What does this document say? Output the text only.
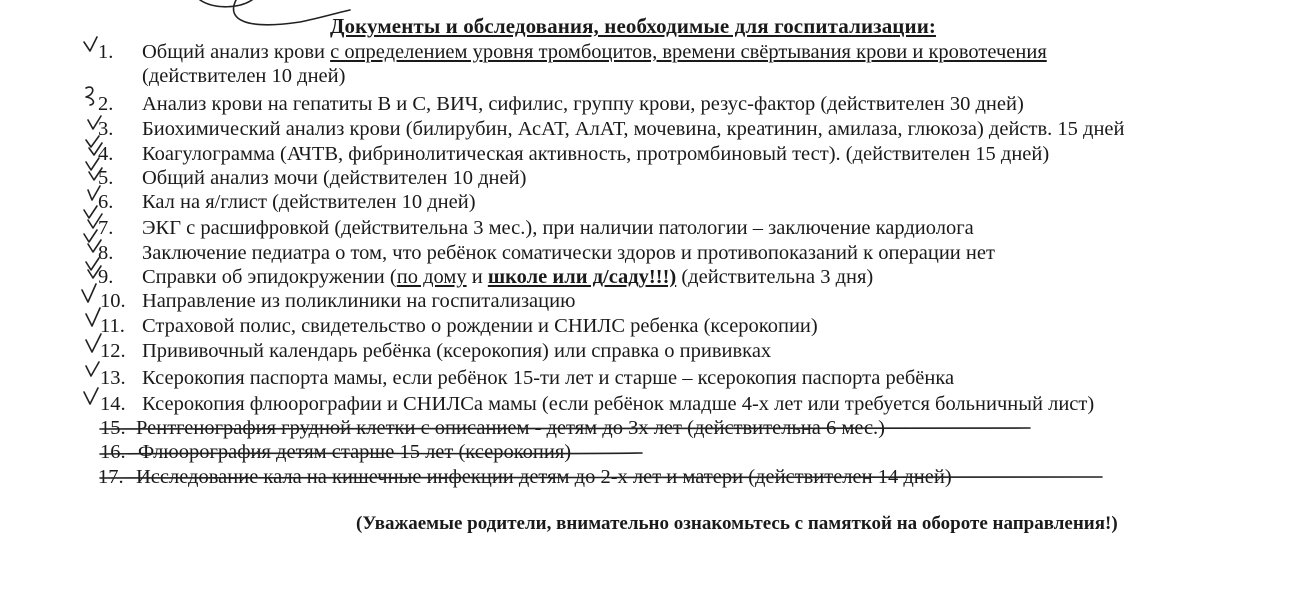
Документы и обследования, необходимые для госпитализации:
1.	Общий анализ крови с определением уровня тромбоцитов, времени свёртывания крови и кровотечения
(действителен 10 дней)
2.	Анализ крови на гепатиты В и С, ВИЧ, сифилис, группу крови, резус-фактор (действителен 30 дней)
3.	Биохимический анализ крови (билирубин, АсАТ, АлАТ, мочевина, креатинин, амилаза, глюкоза) действ. 15 дней
4.	Коагулограмма (АЧТВ, фибринолитическая активность, протромбиновый тест). (действителен 15 дней)
5.	Общий анализ мочи (действителен 10 дней)
6.	Кал на я/глист (действителен 10 дней)
7.	ЭКГ с расшифровкой (действительна 3 мес.), при наличии патологии – заключение кардиолога
8.	Заключение педиатра о том, что ребёнок соматически здоров и противопоказаний к операции нет
9.	Справки об эпидокружении (по дому и школе или д/саду!!!) (действительна 3 дня)
10. Направление из поликлиники на госпитализацию
11. Страховой полис, свидетельство о рождении и СНИЛС ребенка (ксерокопии)
12. Прививочный календарь ребёнка (ксерокопия) или справка о прививках
13. Ксерокопия паспорта мамы, если ребёнок 15-ти лет и старше – ксерокопия паспорта ребёнка
14. Ксерокопия флюорографии и СНИЛСа мамы (если ребёнок младше 4-х лет или требуется больничный лист)
15. Рентгенография грудной клетки с описанием - детям до 3х лет (действительна 6 мес.)
16. Флюорография детям старше 15 лет (ксерокопия)
17. Исследование кала на кишечные инфекции детям до 2-х лет и матери (действителен 14 дней)
(Уважаемые родители, внимательно ознакомьтесь с памяткой на обороте направления!)
